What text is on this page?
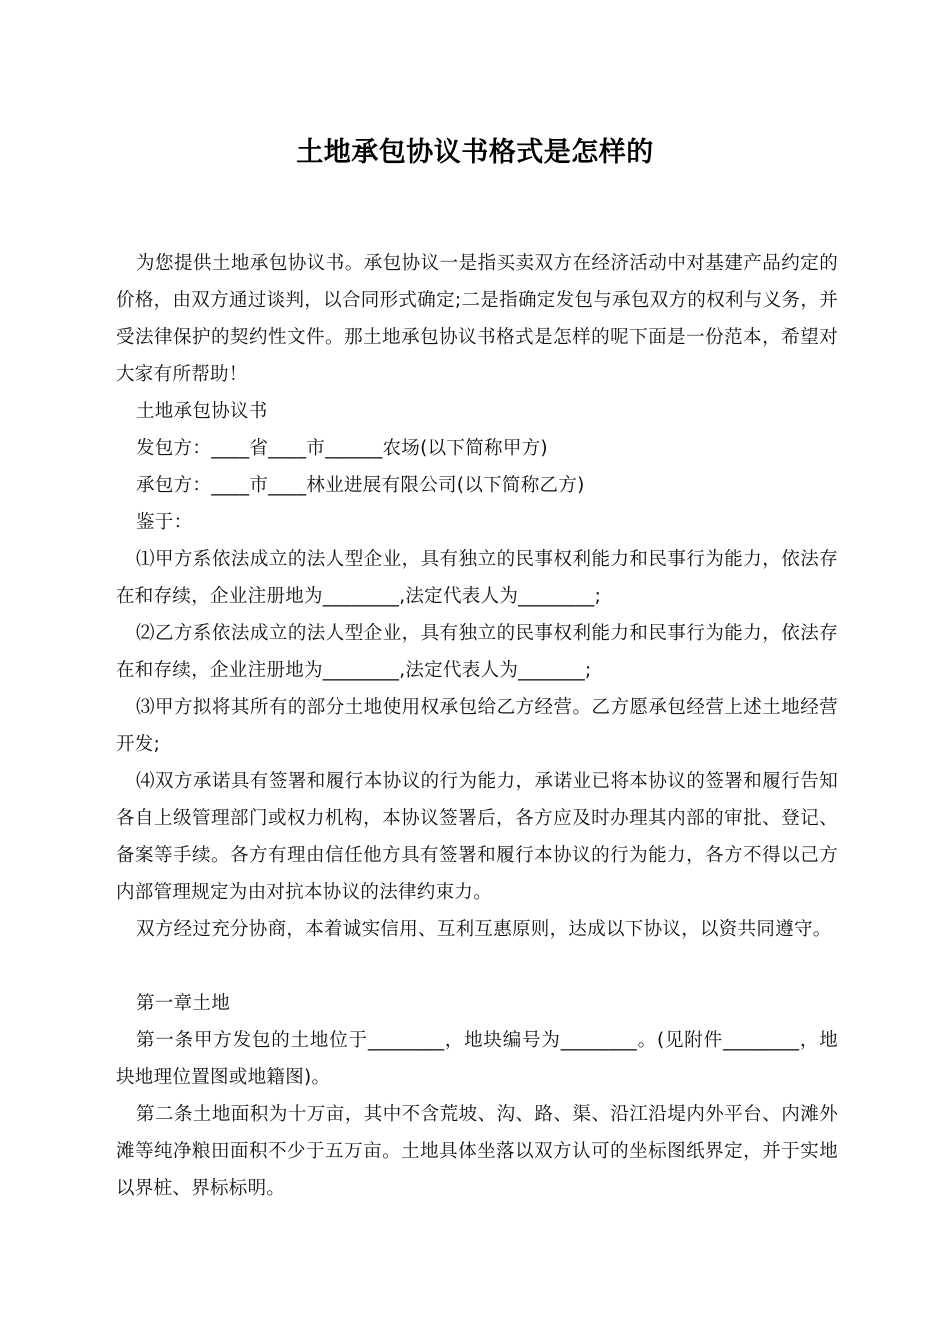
土地承包协议书格式是怎样的

为您提供土地承包协议书。承包协议一是指买卖双方在经济活动中对基建产品约定的价格，由双方通过谈判，以合同形式确定;二是指确定发包与承包双方的权利与义务，并受法律保护的契约性文件。那土地承包协议书格式是怎样的呢下面是一份范本，希望对大家有所帮助！

土地承包协议书

发包方：____省____市______农场(以下简称甲方)

承包方：____市____林业进展有限公司(以下简称乙方)

鉴于：

⑴甲方系依法成立的法人型企业，具有独立的民事权利能力和民事行为能力，依法存在和存续，企业注册地为________,法定代表人为________;

⑵乙方系依法成立的法人型企业，具有独立的民事权利能力和民事行为能力，依法存在和存续，企业注册地为________,法定代表人为_______;

⑶甲方拟将其所有的部分土地使用权承包给乙方经营。乙方愿承包经营上述土地经营开发;

⑷双方承诺具有签署和履行本协议的行为能力，承诺业已将本协议的签署和履行告知各自上级管理部门或权力机构，本协议签署后，各方应及时办理其内部的审批、登记、备案等手续。各方有理由信任他方具有签署和履行本协议的行为能力，各方不得以己方内部管理规定为由对抗本协议的法律约束力。

双方经过充分协商，本着诚实信用、互利互惠原则，达成以下协议，以资共同遵守。

第一章土地

第一条甲方发包的土地位于________，地块编号为________。(见附件________，地块地理位置图或地籍图)。

第二条土地面积为十万亩，其中不含荒坡、沟、路、渠、沿江沿堤内外平台、内滩外滩等纯净粮田面积不少于五万亩。土地具体坐落以双方认可的坐标图纸界定，并于实地以界桩、界标标明。
